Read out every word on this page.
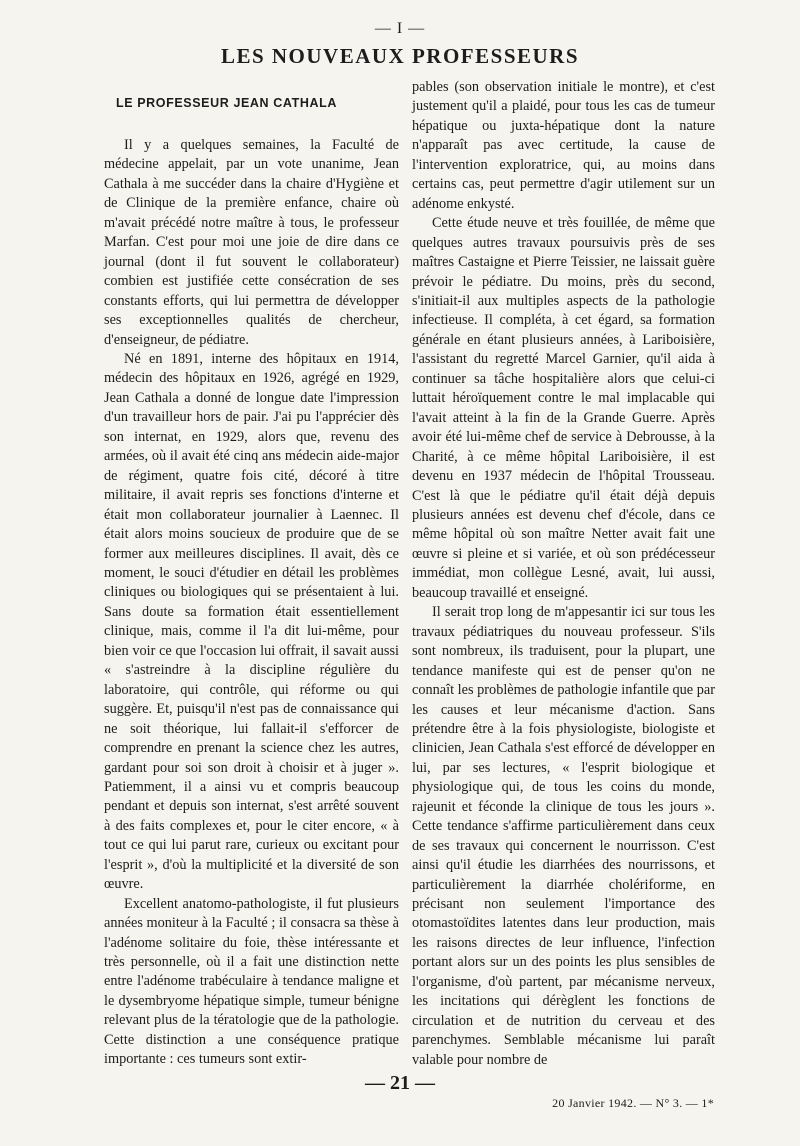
— I —
LES NOUVEAUX PROFESSEURS
LE PROFESSEUR JEAN CATHALA

Il y a quelques semaines, la Faculté de médecine appelait, par un vote unanime, Jean Cathala à me succéder dans la chaire d'Hygiène et de Clinique de la première enfance, chaire où m'avait précédé notre maître à tous, le professeur Marfan. C'est pour moi une joie de dire dans ce journal (dont il fut souvent le collaborateur) combien est justifiée cette consécration de ses constants efforts, qui lui permettra de développer ses exceptionnelles qualités de chercheur, d'enseigneur, de pédiatre.

Né en 1891, interne des hôpitaux en 1914, médecin des hôpitaux en 1926, agrégé en 1929, Jean Cathala a donné de longue date l'impression d'un travailleur hors de pair. J'ai pu l'apprécier dès son internat, en 1929, alors que, revenu des armées, où il avait été cinq ans médecin aide-major de régiment, quatre fois cité, décoré à titre militaire, il avait repris ses fonctions d'interne et était mon collaborateur journalier à Laennec. Il était alors moins soucieux de produire que de se former aux meilleures disciplines. Il avait, dès ce moment, le souci d'étudier en détail les problèmes cliniques ou biologiques qui se présentaient à lui. Sans doute sa formation était essentiellement clinique, mais, comme il l'a dit lui-même, pour bien voir ce que l'occasion lui offrait, il savait aussi « s'astreindre à la discipline régulière du laboratoire, qui contrôle, qui réforme ou qui suggère. Et, puisqu'il n'est pas de connaissance qui ne soit théorique, lui fallait-il s'efforcer de comprendre en prenant la science chez les autres, gardant pour soi son droit à choisir et à juger ». Patiemment, il a ainsi vu et compris beaucoup pendant et depuis son internat, s'est arrêté souvent à des faits complexes et, pour le citer encore, « à tout ce qui lui parut rare, curieux ou excitant pour l'esprit », d'où la multiplicité et la diversité de son œuvre.

Excellent anatomo-pathologiste, il fut plusieurs années moniteur à la Faculté ; il consacra sa thèse à l'adénome solitaire du foie, thèse intéressante et très personnelle, où il a fait une distinction nette entre l'adénome trabéculaire à tendance maligne et le dysembryome hépatique simple, tumeur bénigne relevant plus de la tératologie que de la pathologie. Cette distinction a une conséquence pratique importante : ces tumeurs sont extir-

pables (son observation initiale le montre), et c'est justement qu'il a plaidé, pour tous les cas de tumeur hépatique ou juxta-hépatique dont la nature n'apparaît pas avec certitude, la cause de l'intervention exploratrice, qui, au moins dans certains cas, peut permettre d'agir utilement sur un adénome enkysté.

Cette étude neuve et très fouillée, de même que quelques autres travaux poursuivis près de ses maîtres Castaigne et Pierre Teissier, ne laissait guère prévoir le pédiatre. Du moins, près du second, s'initiait-il aux multiples aspects de la pathologie infectieuse. Il compléta, à cet égard, sa formation générale en étant plusieurs années, à Lariboisière, l'assistant du regretté Marcel Garnier, qu'il aida à continuer sa tâche hospitalière alors que celui-ci luttait héroïquement contre le mal implacable qui l'avait atteint à la fin de la Grande Guerre. Après avoir été lui-même chef de service à Debrousse, à la Charité, à ce même hôpital Lariboisière, il est devenu en 1937 médecin de l'hôpital Trousseau. C'est là que le pédiatre qu'il était déjà depuis plusieurs années est devenu chef d'école, dans ce même hôpital où son maître Netter avait fait une œuvre si pleine et si variée, et où son prédécesseur immédiat, mon collègue Lesné, avait, lui aussi, beaucoup travaillé et enseigné.

Il serait trop long de m'appesantir ici sur tous les travaux pédiatriques du nouveau professeur. S'ils sont nombreux, ils traduisent, pour la plupart, une tendance manifeste qui est de penser qu'on ne connaît les problèmes de pathologie infantile que par les causes et leur mécanisme d'action. Sans prétendre être à la fois physiologiste, biologiste et clinicien, Jean Cathala s'est efforcé de développer en lui, par ses lectures, « l'esprit biologique et physiologique qui, de tous les coins du monde, rajeunit et féconde la clinique de tous les jours ». Cette tendance s'affirme particulièrement dans ceux de ses travaux qui concernent le nourrisson. C'est ainsi qu'il étudie les diarrhées des nourrissons, et particulièrement la diarrhée cholériforme, en précisant non seulement l'importance des otomastoïdites latentes dans leur production, mais les raisons directes de leur influence, l'infection portant alors sur un des points les plus sensibles de l'organisme, d'où partent, par mécanisme nerveux, les incitations qui dérèglent les fonctions de circulation et de nutrition du cerveau et des parenchymes. Semblable mécanisme lui paraît valable pour nombre de

— 21 —
20 Janvier 1942. — N° 3. — 1*
